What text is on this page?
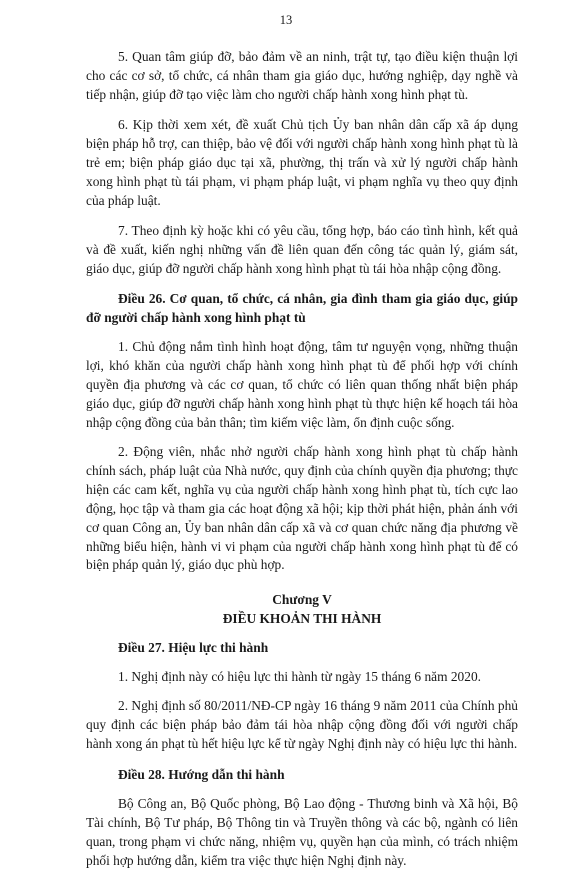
13

5. Quan tâm giúp đỡ, bảo đảm về an ninh, trật tự, tạo điều kiện thuận lợi cho các cơ sở, tổ chức, cá nhân tham gia giáo dục, hướng nghiệp, dạy nghề và tiếp nhận, giúp đỡ tạo việc làm cho người chấp hành xong hình phạt tù.

6. Kịp thời xem xét, đề xuất Chủ tịch Ủy ban nhân dân cấp xã áp dụng biện pháp hỗ trợ, can thiệp, bảo vệ đối với người chấp hành xong hình phạt tù là trẻ em; biện pháp giáo dục tại xã, phường, thị trấn và xử lý người chấp hành xong hình phạt tù tái phạm, vi phạm pháp luật, vi phạm nghĩa vụ theo quy định của pháp luật.

7. Theo định kỳ hoặc khi có yêu cầu, tổng hợp, báo cáo tình hình, kết quả và đề xuất, kiến nghị những vấn đề liên quan đến công tác quản lý, giám sát, giáo dục, giúp đỡ người chấp hành xong hình phạt tù tái hòa nhập cộng đồng.

Điều 26. Cơ quan, tổ chức, cá nhân, gia đình tham gia giáo dục, giúp đỡ người chấp hành xong hình phạt tù

1. Chủ động nắm tình hình hoạt động, tâm tư nguyện vọng, những thuận lợi, khó khăn của người chấp hành xong hình phạt tù để phối hợp với chính quyền địa phương và các cơ quan, tổ chức có liên quan thống nhất biện pháp giáo dục, giúp đỡ người chấp hành xong hình phạt tù thực hiện kế hoạch tái hòa nhập cộng đồng của bản thân; tìm kiếm việc làm, ổn định cuộc sống.

2. Động viên, nhắc nhở người chấp hành xong hình phạt tù chấp hành chính sách, pháp luật của Nhà nước, quy định của chính quyền địa phương; thực hiện các cam kết, nghĩa vụ của người chấp hành xong hình phạt tù, tích cực lao động, học tập và tham gia các hoạt động xã hội; kịp thời phát hiện, phản ánh với cơ quan Công an, Ủy ban nhân dân cấp xã và cơ quan chức năng địa phương về những biểu hiện, hành vi vi phạm của người chấp hành xong hình phạt tù để có biện pháp quản lý, giáo dục phù hợp.

Chương V

ĐIỀU KHOẢN THI HÀNH

Điều 27. Hiệu lực thi hành

1. Nghị định này có hiệu lực thi hành từ ngày 15 tháng 6 năm 2020.

2. Nghị định số 80/2011/NĐ-CP ngày 16 tháng 9 năm 2011 của Chính phủ quy định các biện pháp bảo đảm tái hòa nhập cộng đồng đối với người chấp hành xong án phạt tù hết hiệu lực kể từ ngày Nghị định này có hiệu lực thi hành.

Điều 28. Hướng dẫn thi hành

Bộ Công an, Bộ Quốc phòng, Bộ Lao động - Thương binh và Xã hội, Bộ Tài chính, Bộ Tư pháp, Bộ Thông tin và Truyền thông và các bộ, ngành có liên quan, trong phạm vi chức năng, nhiệm vụ, quyền hạn của mình, có trách nhiệm phối hợp hướng dẫn, kiểm tra việc thực hiện Nghị định này.
